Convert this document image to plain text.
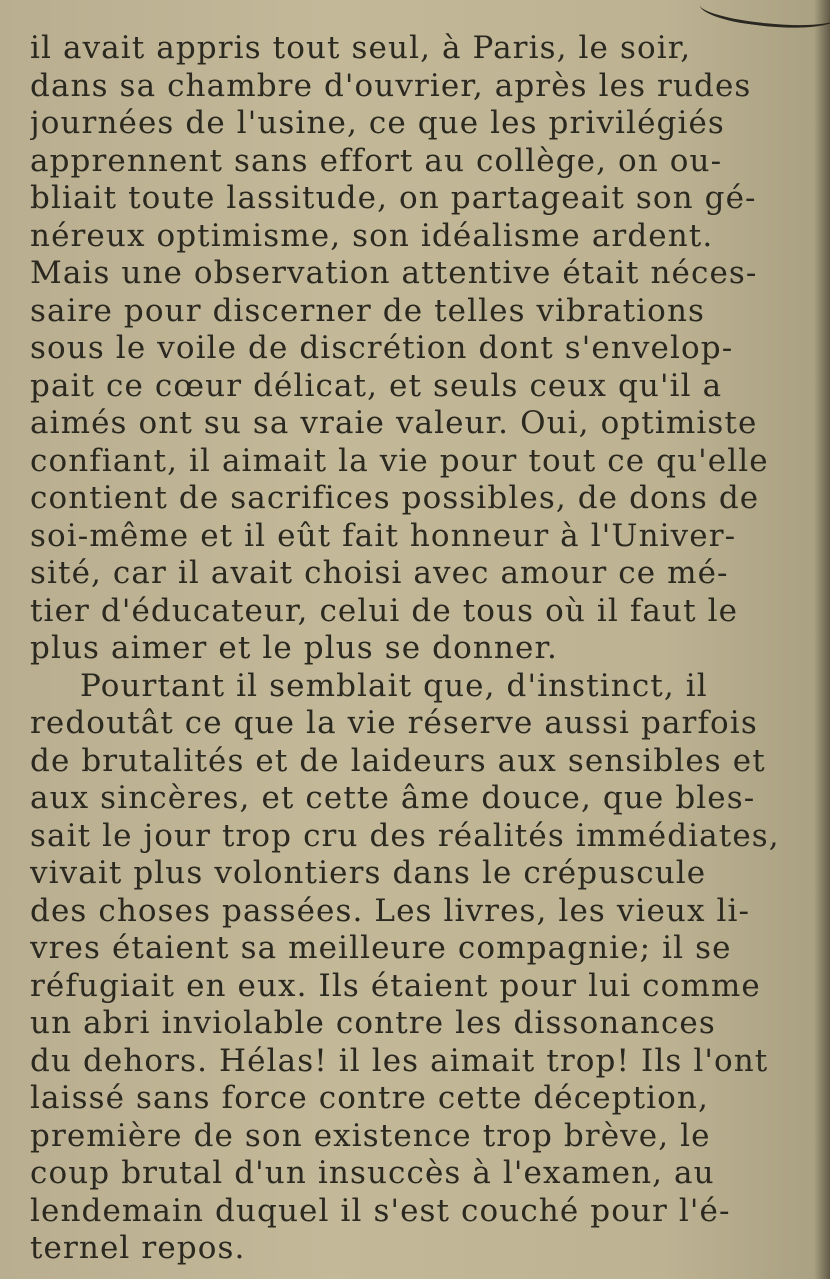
il avait appris tout seul, à Paris, le soir,
dans sa chambre d'ouvrier, après les rudes
journées de l'usine, ce que les privilégiés
apprennent sans effort au collège, on ou-
bliait toute lassitude, on partageait son gé-
néreux optimisme, son idéalisme ardent.
Mais une observation attentive était néces-
saire pour discerner de telles vibrations
sous le voile de discrétion dont s'envelop-
pait ce cœur délicat, et seuls ceux qu'il a
aimés ont su sa vraie valeur. Oui, optimiste
confiant, il aimait la vie pour tout ce qu'elle
contient de sacrifices possibles, de dons de
soi-même et il eût fait honneur à l'Univer-
sité, car il avait choisi avec amour ce mé-
tier d'éducateur, celui de tous où il faut le
plus aimer et le plus se donner.
Pourtant il semblait que, d'instinct, il
redoutât ce que la vie réserve aussi parfois
de brutalités et de laideurs aux sensibles et
aux sincères, et cette âme douce, que bles-
sait le jour trop cru des réalités immédiates,
vivait plus volontiers dans le crépuscule
des choses passées. Les livres, les vieux li-
vres étaient sa meilleure compagnie; il se
réfugiait en eux. Ils étaient pour lui comme
un abri inviolable contre les dissonances
du dehors. Hélas! il les aimait trop! Ils l'ont
laissé sans force contre cette déception,
première de son existence trop brève, le
coup brutal d'un insuccès à l'examen, au
lendemain duquel il s'est couché pour l'é-
ternel repos.
